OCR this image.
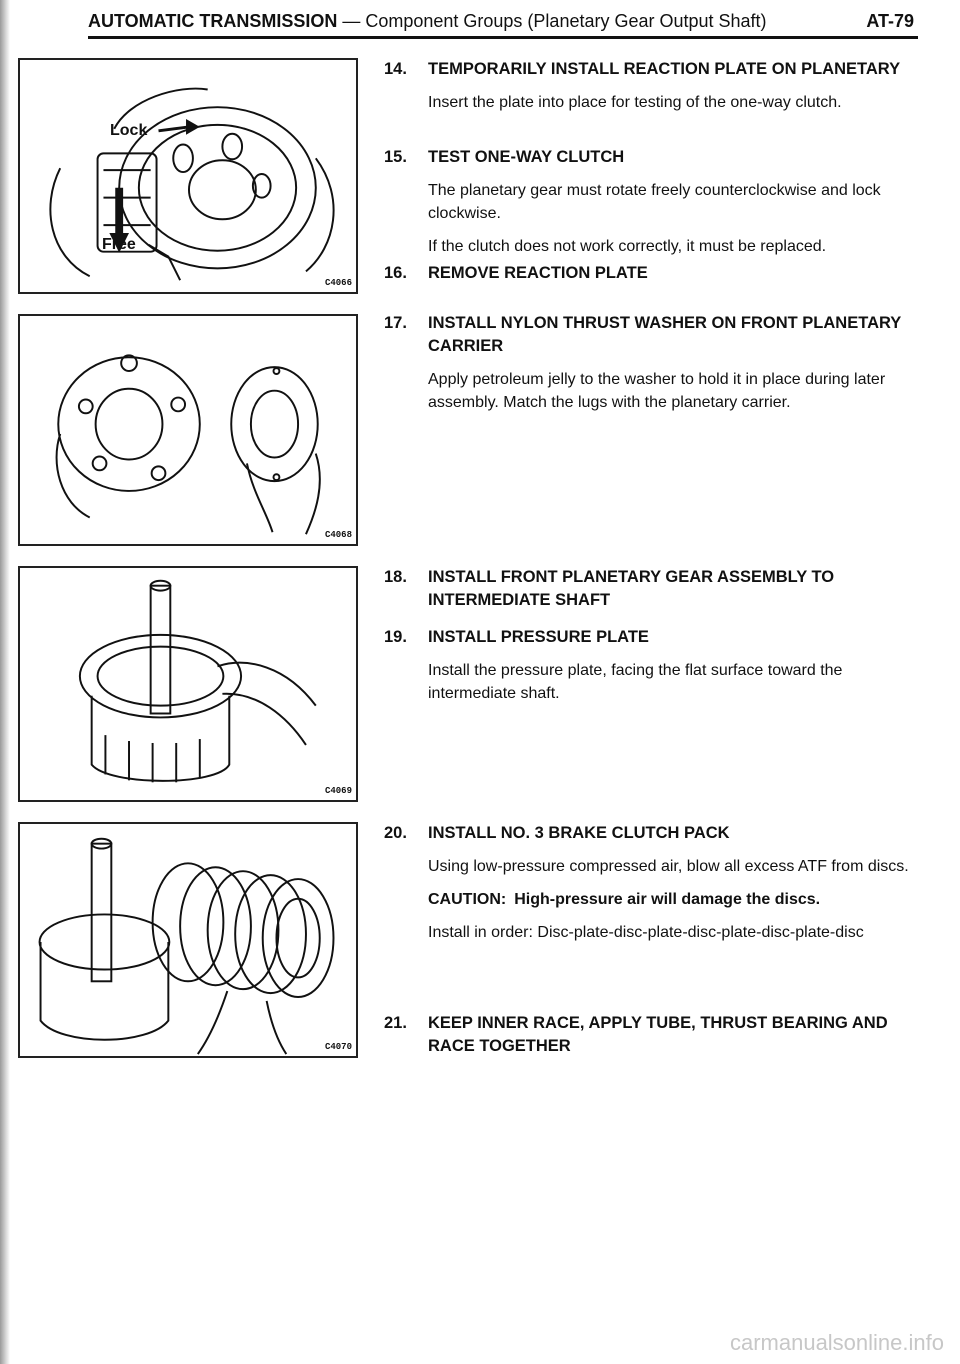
AUTOMATIC TRANSMISSION — Component Groups (Planetary Gear Output Shaft)	AT-79
Lock
Free
C4066
C4068
C4069
C4070
14. TEMPORARILY INSTALL REACTION PLATE ON PLANETARY

Insert the plate into place for testing of the one-way clutch.

15. TEST ONE-WAY CLUTCH

The planetary gear must rotate freely counterclockwise and lock clockwise.

If the clutch does not work correctly, it must be replaced.

16. REMOVE REACTION PLATE
17. INSTALL NYLON THRUST WASHER ON FRONT PLANETARY CARRIER

Apply petroleum jelly to the washer to hold it in place during later assembly. Match the lugs with the planetary carrier.

18. INSTALL FRONT PLANETARY GEAR ASSEMBLY TO INTERMEDIATE SHAFT
19. INSTALL PRESSURE PLATE

Install the pressure plate, facing the flat surface toward the intermediate shaft.

20. INSTALL NO. 3 BRAKE CLUTCH PACK

Using low-pressure compressed air, blow all excess ATF from discs.

CAUTION: High-pressure air will damage the discs.

Install in order: Disc-plate-disc-plate-disc-plate-disc-plate-disc

21. KEEP INNER RACE, APPLY TUBE, THRUST BEARING AND RACE TOGETHER
carmanualsonline.info
